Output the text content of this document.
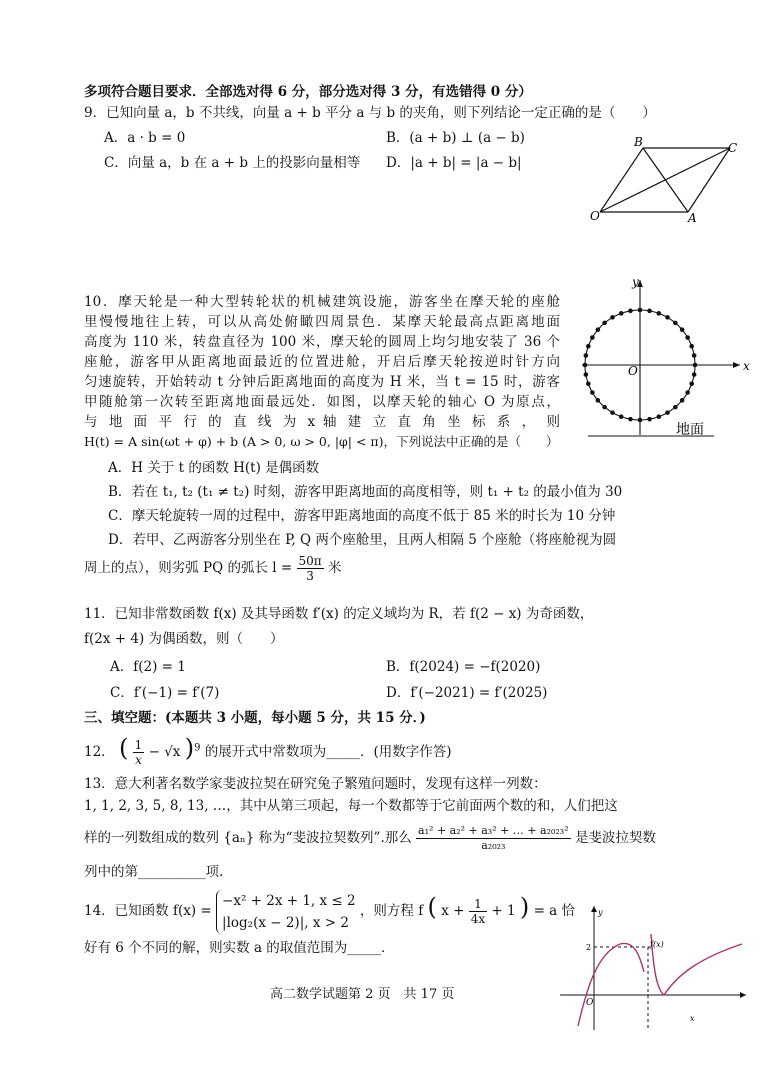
多项符合题目要求．全部选对得 6 分，部分选对得 3 分，有选错得 0 分）
9．已知向量 a，b 不共线，向量 a + b 平分 a 与 b 的夹角，则下列结论一定正确的是（　　）
A．a · b = 0	B．(a + b) ⊥ (a − b)
C．向量 a，b 在 a + b 上的投影向量相等 D．|a + b| = |a − b|
O	A
B	C
10．摩天轮是一种大型转轮状的机械建筑设施，游客坐在摩天轮的座舱
里慢慢地往上转，可以从高处俯瞰四周景色．某摩天轮最高点距离地面
高度为 110 米，转盘直径为 100 米，摩天轮的圆周上均匀地安装了 36 个
座舱，游客甲从距离地面最近的位置进舱，开启后摩天轮按逆时针方向
匀速旋转，开始转动 t 分钟后距离地面的高度为 H 米，当 t = 15 时，游客
甲随舱第一次转至距离地面最远处．如图，以摩天轮的轴心 O 为原点，
与 地 面 平 行 的 直 线 为 x 轴 建 立 直 角 坐 标 系 ， 则
H(t) = A sin(ωt + φ) + b (A > 0, ω > 0, |φ| < π)，下列说法中正确的是（　　）
A．H 关于 t 的函数 H(t) 是偶函数
B．若在 t₁, t₂ (t₁ ≠ t₂) 时刻，游客甲距离地面的高度相等，则 t₁ + t₂ 的最小值为 30
C．摩天轮旋转一周的过程中，游客甲距离地面的高度不低于 85 米的时长为 10 分钟
D．若甲、乙两游客分别坐在 P, Q 两个座舱里，且两人相隔 5 个座舱（将座舱视为圆
周上的点），则劣弧 PQ 的弧长 $l = \frac{50\pi}{3}$ 米
y
x
O
地面
11．已知非常数函数 f(x) 及其导函数 f′(x) 的定义域均为 R，若 f(2 − x) 为奇函数，
f(2x + 4) 为偶函数，则（　　）
A．f(2) = 1	B．f(2024) = −f(2020)
C．f′(−1) = f′(7)	D．f′(−2021) = f′(2025)
三、填空题：(本题共 3 小题，每小题 5 分，共 15 分．)
12． ( $\frac{1}{x} - √x$ )$^9$ 的展开式中常数项为_____．(用数字作答)
13．意大利著名数学家斐波拉契在研究兔子繁殖问题时，发现有这样一列数：
1, 1, 2, 3, 5, 8, 13, …，其中从第三项起，每一个数都等于它前面两个数的和，人们把这
样的一列数组成的数列 {aₙ} 称为“斐波拉契数列”.那么 $\frac{\text{a₁² + a₂² + a₃² + … + a₂₀₂₃²}}{\text{a₂₀₂₃}}$ 是斐波拉契数
列中的第__________项.
14．已知函数 f(x) =
−x² + 2x + 1, x ≤ 2
|log₂(x − 2)|, x > 2
，则方程 f ( $x + \frac{1}{4x} + 1$ ) = a 恰
好有 6 个不同的解，则实数 a 的取值范围为_____．
y
x
O
2	f(x)
高二数学试题第 2 页　共 17 页
